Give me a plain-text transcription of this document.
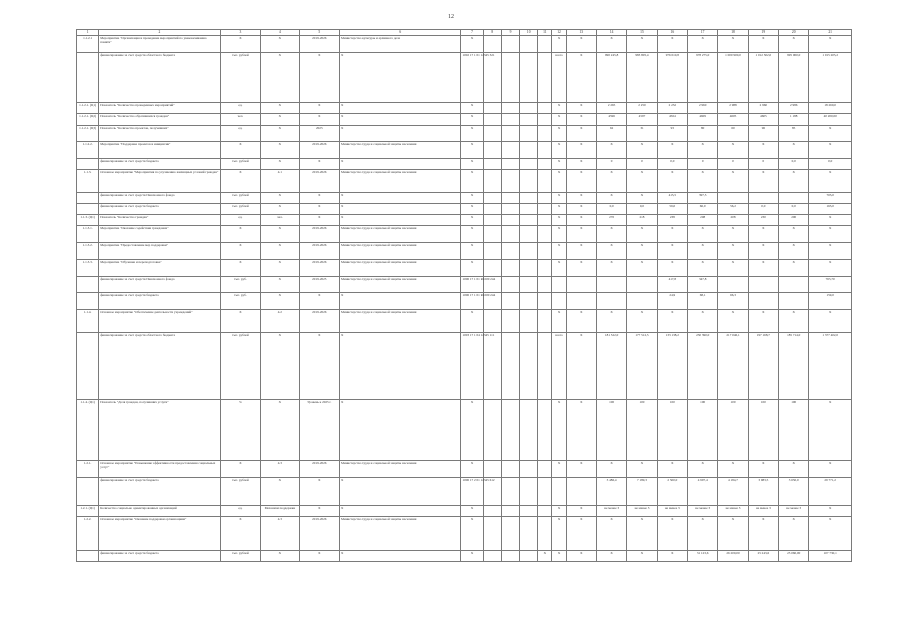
12
1	2	3	4	5	6	7	8	9	10	11	12	13	14	15	16	17	18	19	20	21
1.1.2.1	Мероприятие "Организация и проведение мероприятий по увековечиванию памяти"	Х	Х	2019-2026	Министерство культуры и архивного дела	Х					Х	Х	Х	Х	Х	Х	Х	Х	Х	Х
	финансирование за счет средств областного бюджета	тыс. рублей	Х	Х	Х	1002 17 1 01 12345 321					всего	Х	990 245,8	983 805,4	976 010,8	978 275,0	1 000 900,0	1 012 502,0	995 000,0	1 015 205,2
1.1.2.1. (Ц1)	Показатель "Количество проведенных мероприятий"	ед.	Х	Х	Х	Х					Х	Х	2 265	2 250	2 232	2 960	2 988	2 960	2 986	18 260,0
1.1.2.1. (Ц2)	Показатель "Количество обратившихся граждан"	чел.	Х	Х	Х	Х					Х	Х	4596	4597	4564	4609	4605	4605	1 188	40 200,00
1.1.2.1. (Ц3)	Показатель "Количество проектов, получивших"	ед.	Х	2025	Х	Х					Х	Х	62	31	93	80	60	96	85	Х
1.1.2.2.	Мероприятие "Поддержка проектов и инициатив"	Х	Х	2019-2026	Министерство труда и социальной защиты населения	Х					Х	Х	Х	Х	Х	Х	Х	Х	Х	Х
	финансирование за счет средств бюджета	тыс. рублей	Х	Х	Х	Х					Х	Х	0	0	0,0	0	0	0	0,0	0,0
1.1.3.	Основное мероприятие "Мероприятия по улучшению жилищных условий граждан"	Х	4.1	2019-2026	Министерство труда и социальной защиты населения	Х					Х	Х	Х	Х	Х	Х	Х	Х	Х	Х
	финансирование за счет средств Пенсионного фонда	тыс. рублей	Х	Х	Х	Х					Х	Х	Х	Х	415,5	397,5				703,0
	финансирование за счет средств бюджета	тыс. рублей	Х	Х	Х	Х					Х	Х	0,0	0,0	56,0	66,0	56,2	0,0	0,0	163,0
1.1.3. (Ц1)	Показатель "Количество граждан"	ед.	чел.	Х	Х	Х					Х	Х	270	218	238	208	208	230	200	Х
1.1.3.1.	Мероприятие "Оказание содействия гражданам"	Х	Х	2019-2026	Министерство труда и социальной защиты населения	Х					Х	Х	Х	Х	Х	Х	Х	Х	Х	Х
1.1.3.2.	Мероприятие "Предоставление мер поддержки"	Х	Х	2019-2026	Министерство труда и социальной защиты населения	Х					Х	Х	Х	Х	Х	Х	Х	Х	Х	Х
1.1.3.3.	Мероприятие "Обучение и переподготовка"	Х	Х	2019-2026	Министерство труда и социальной защиты населения	Х					Х	Х	Х	Х	Х	Х	Х	Х	Х	Х
	финансирование за счет средств Пенсионного фонда	тыс. руб.	Х	2019-2025	Министерство труда и социальной защиты населения	1006 17 1 01 R2200 244									417,8	347,8				765,70
	финансирование за счет средств бюджета	тыс. руб.	Х	Х	Х	1006 17 1 01 R2200 244									24,9	68,1	66,3			159,0
1.1.4.	Основное мероприятие "Обеспечение деятельности учреждений"	Х	4.2	2019-2026	Министерство труда и социальной защиты населения	Х					Х	Х	Х	Х	Х	Х	Х	Х	Х	Х
	финансирование за счет средств областного бюджета	тыс. рублей	Х	Х	Х	1003 17 1 04 12345 111					всего	Х	181 522,0	177 512,5	133 138,2	230 390,0	217 046,1	197 168,7	185 714,0	1 377 402,0
1.1.4. (Ц1)	Показатель "Доля граждан, получивших услуги"	%	Х	Уровень к 2025 г.	Х	Х					Х	Х	100	100	100	100	100	100	100	Х
1.2.1.	Основное мероприятие "Повышение эффективности предоставления социальных услуг"	Х	4.3	2019-2026	Министерство труда и социальной защиты населения	Х					Х	Х	Х	Х	Х	Х	Х	Х	Х	Х
	финансирование за счет средств бюджета	тыс. рублей	Х	Х	Х	1006 17 2 01 12345 612							3 486,4	7 189,3	2 500,0	4 997,4	4 184,7	3 983,5	3 650,0	29 771,2
1.2.1. (Ц1)	Количество социально ориентированных организаций	ед.	Механизм поддержки	Х	Х	Х					Х	Х	не менее 3	не менее 3	не менее 3	не менее 3	не менее 3	не менее 3	не менее 3	Х
1.2.2.	Основное мероприятие "Оказание поддержки организациям"	Х	4.3	2019-2026	Министерство труда и социальной защиты населения	Х					Х	Х	Х	Х	Х	Х	Х	Х	Х	Х
	финансирование за счет средств бюджета	тыс. рублей	Х	Х	Х	Х				Х	Х	Х	Х	Х	Х	31 123,6	26 200,00	25 243,6	25 060,00	107 730,1
